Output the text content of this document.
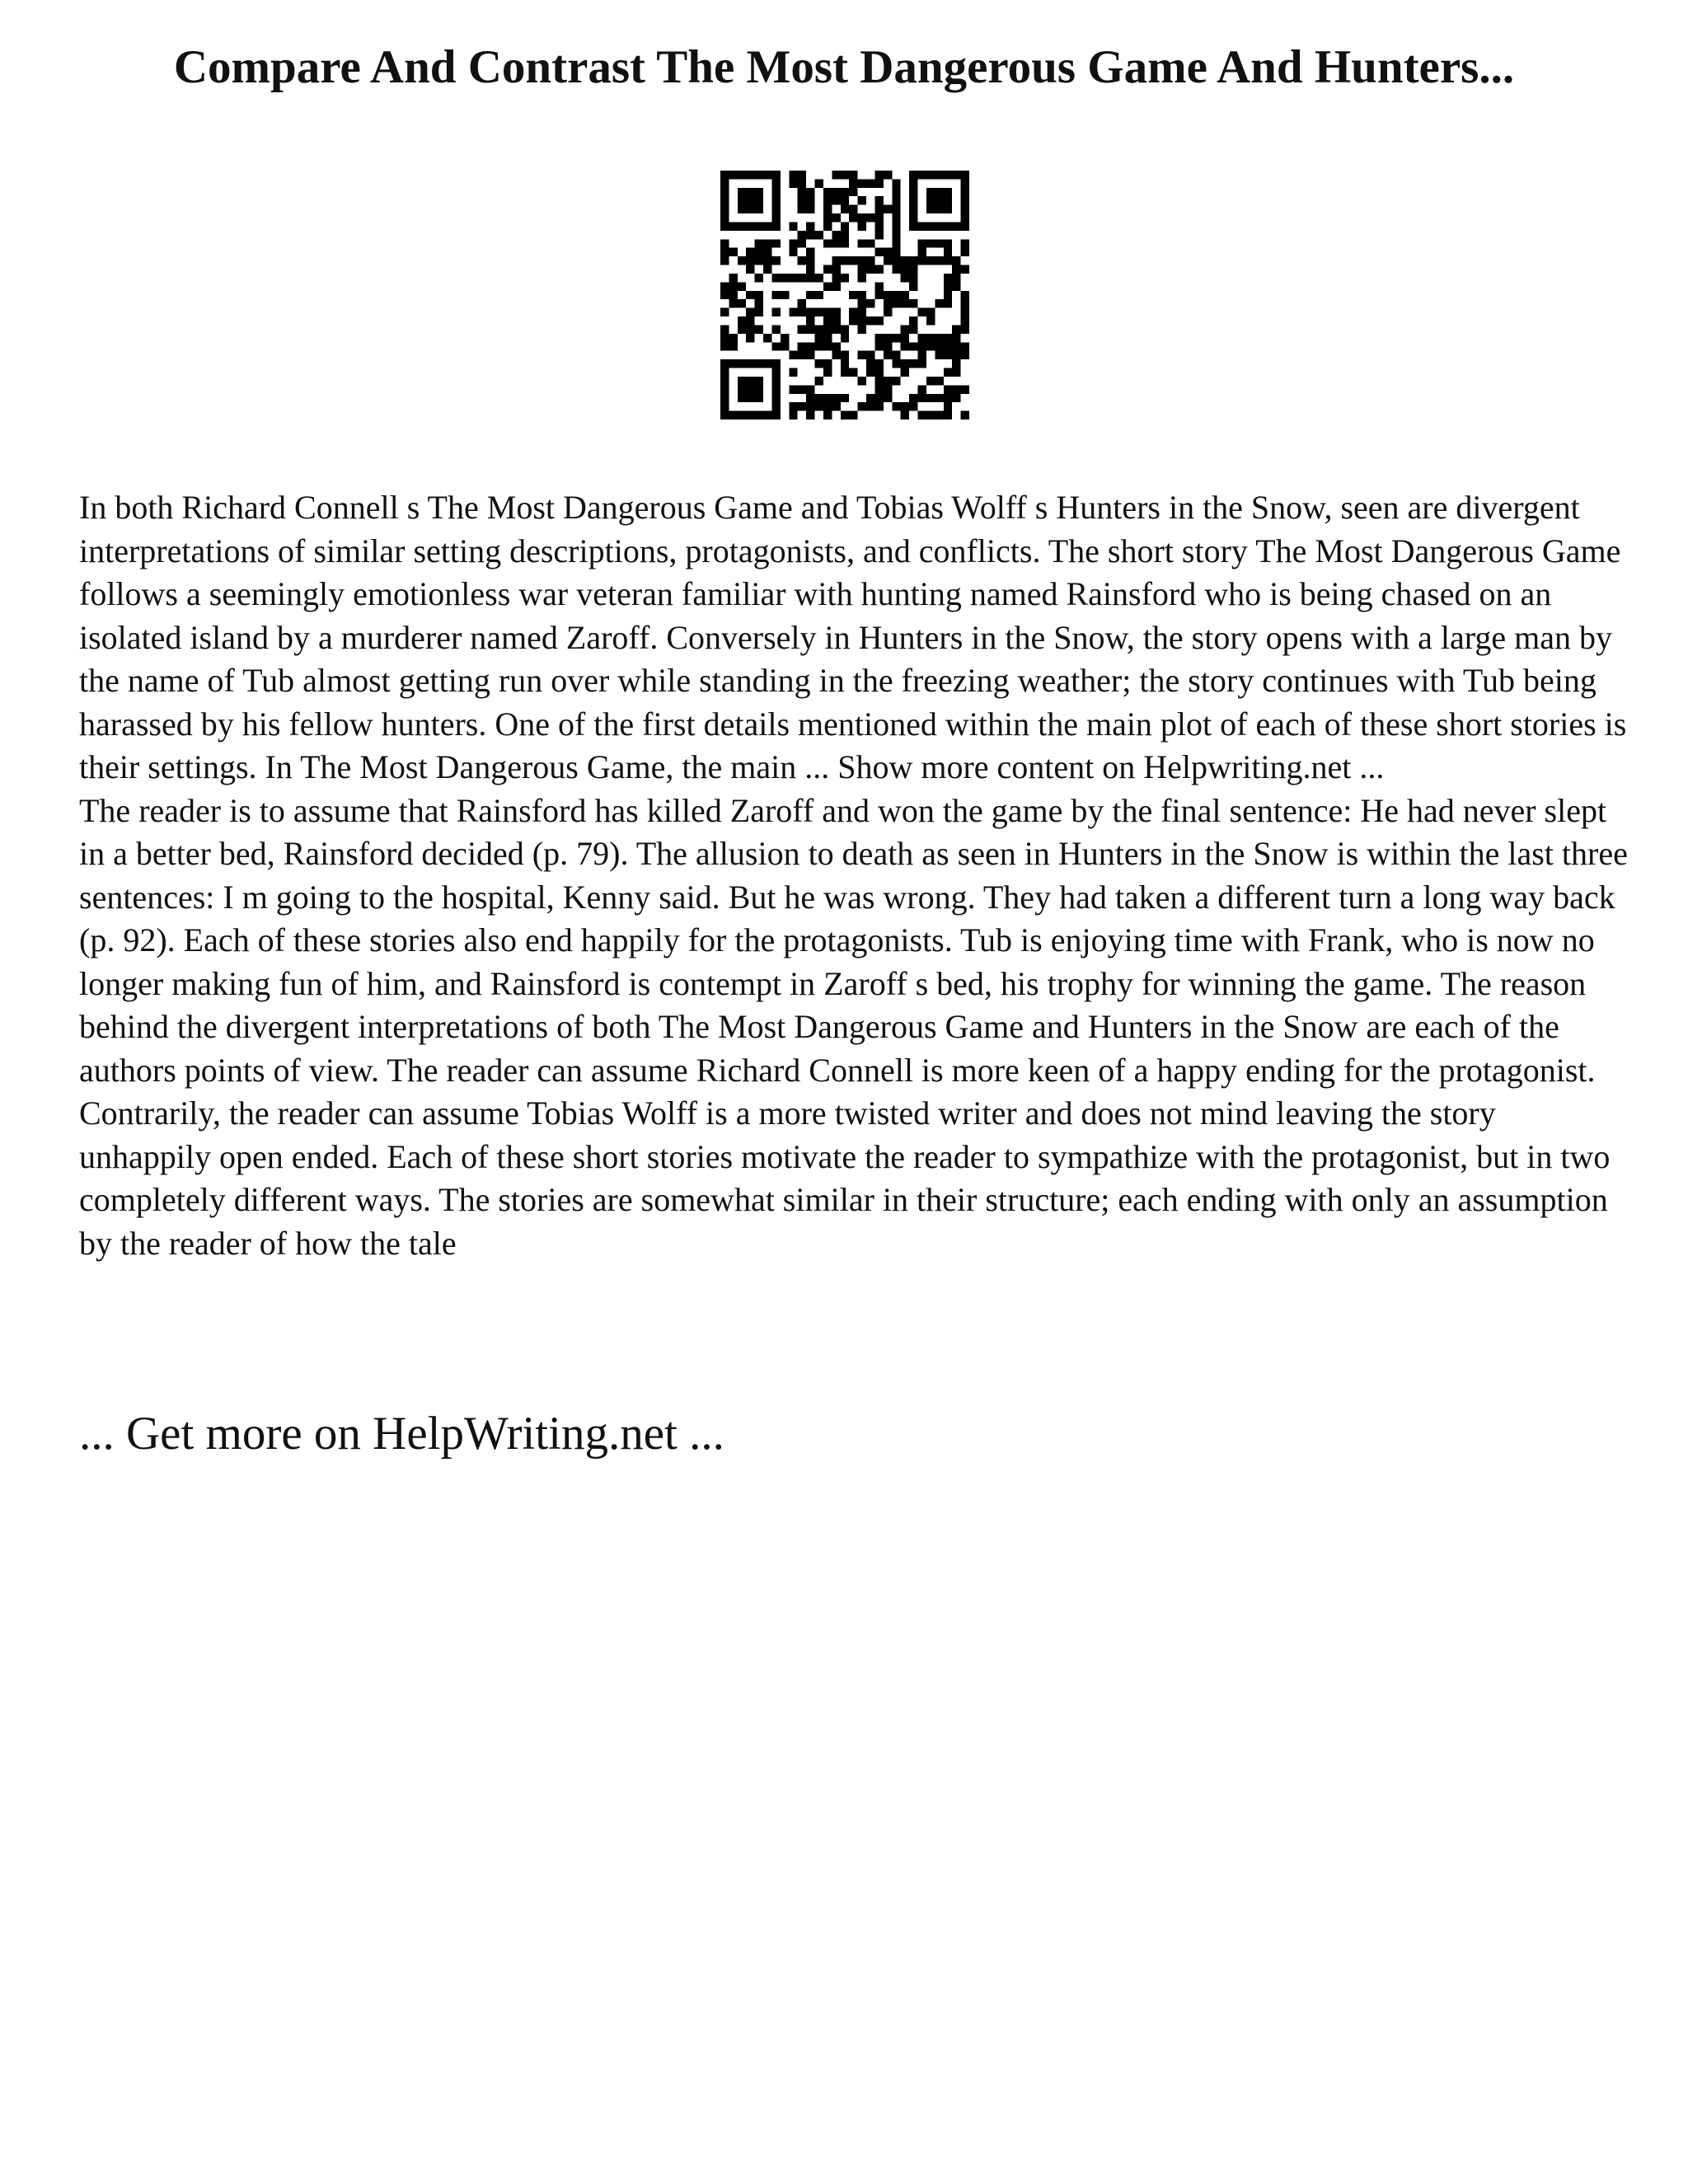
Compare And Contrast The Most Dangerous Game And Hunters...

In both Richard Connell s The Most Dangerous Game and Tobias Wolff s Hunters in the Snow, seen are divergent interpretations of similar setting descriptions, protagonists, and conflicts. The short story The Most Dangerous Game follows a seemingly emotionless war veteran familiar with hunting named Rainsford who is being chased on an isolated island by a murderer named Zaroff. Conversely in Hunters in the Snow, the story opens with a large man by the name of Tub almost getting run over while standing in the freezing weather; the story continues with Tub being harassed by his fellow hunters. One of the first details mentioned within the main plot of each of these short stories is their settings. In The Most Dangerous Game, the main ... Show more content on Helpwriting.net ...

The reader is to assume that Rainsford has killed Zaroff and won the game by the final sentence: He had never slept in a better bed, Rainsford decided (p. 79). The allusion to death as seen in Hunters in the Snow is within the last three sentences: I m going to the hospital, Kenny said. But he was wrong. They had taken a different turn a long way back (p. 92). Each of these stories also end happily for the protagonists. Tub is enjoying time with Frank, who is now no longer making fun of him, and Rainsford is contempt in Zaroff s bed, his trophy for winning the game. The reason behind the divergent interpretations of both The Most Dangerous Game and Hunters in the Snow are each of the authors points of view. The reader can assume Richard Connell is more keen of a happy ending for the protagonist. Contrarily, the reader can assume Tobias Wolff is a more twisted writer and does not mind leaving the story unhappily open ended. Each of these short stories motivate the reader to sympathize with the protagonist, but in two completely different ways. The stories are somewhat similar in their structure; each ending with only an assumption by the reader of how the tale

... Get more on HelpWriting.net ...
